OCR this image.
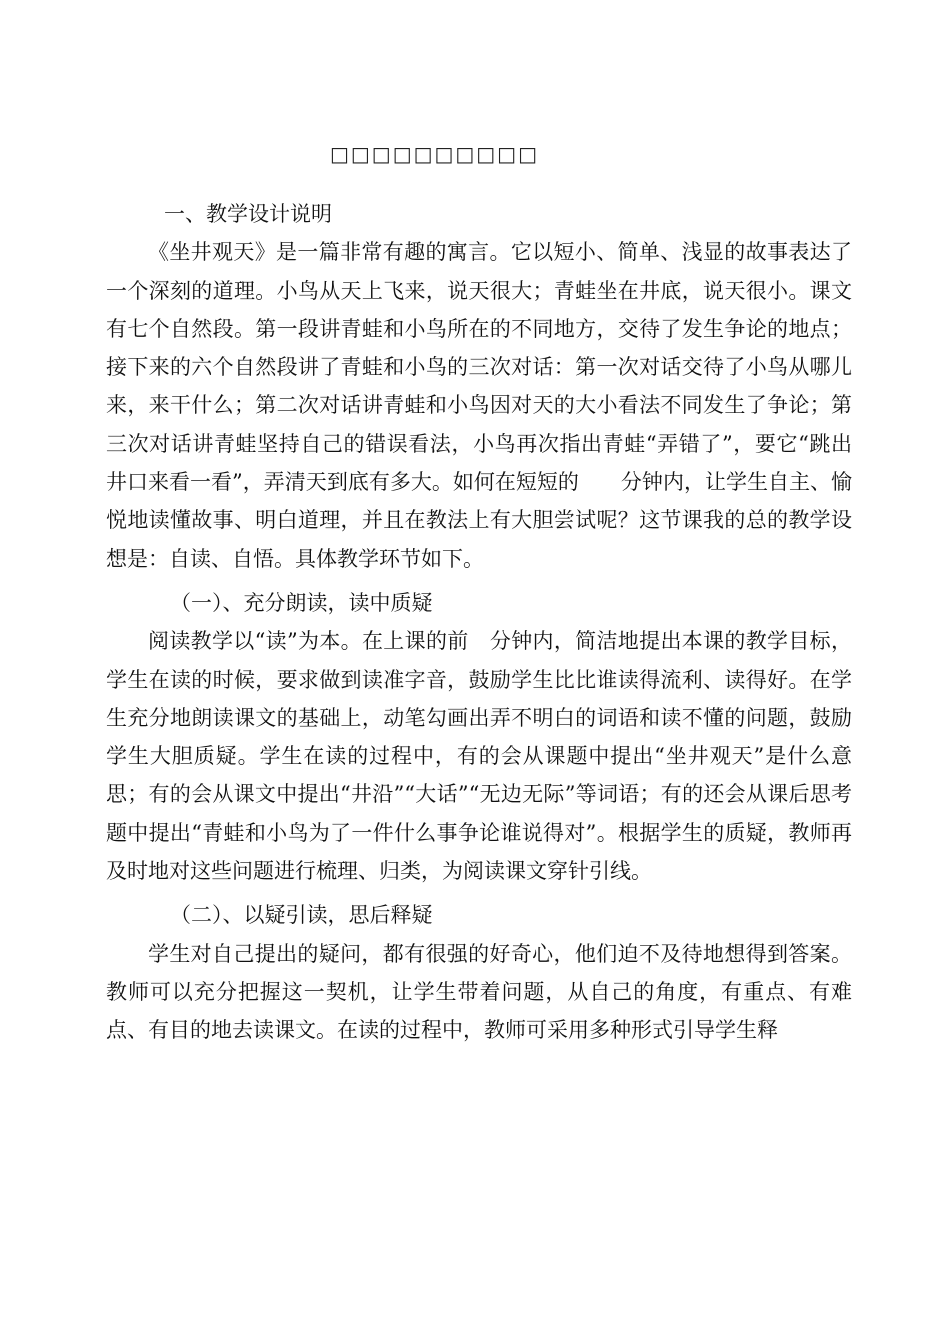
□□□□□□□□□□

一、教学设计说明

《坐井观天》是一篇非常有趣的寓言。它以短小、简单、浅显的故事表达了一个深刻的道理。小鸟从天上飞来，说天很大；青蛙坐在井底，说天很小。课文有七个自然段。第一段讲青蛙和小鸟所在的不同地方，交待了发生争论的地点；接下来的六个自然段讲了青蛙和小鸟的三次对话：第一次对话交待了小鸟从哪儿来，来干什么；第二次对话讲青蛙和小鸟因对天的大小看法不同发生了争论；第三次对话讲青蛙坚持自己的错误看法，小鸟再次指出青蛙“弄错了”，要它“跳出井口来看一看”，弄清天到底有多大。如何在短短的　　分钟内，让学生自主、愉悦地读懂故事、明白道理，并且在教法上有大胆尝试呢？这节课我的总的教学设想是：自读、自悟。具体教学环节如下。

（一）、充分朗读，读中质疑

阅读教学以“读”为本。在上课的前　分钟内，简洁地提出本课的教学目标，学生在读的时候，要求做到读准字音，鼓励学生比比谁读得流利、读得好。在学生充分地朗读课文的基础上，动笔勾画出弄不明白的词语和读不懂的问题，鼓励学生大胆质疑。学生在读的过程中，有的会从课题中提出“坐井观天”是什么意思；有的会从课文中提出“井沿”“大话”“无边无际”等词语；有的还会从课后思考题中提出“青蛙和小鸟为了一件什么事争论谁说得对”。根据学生的质疑，教师再及时地对这些问题进行梳理、归类，为阅读课文穿针引线。

（二）、以疑引读，思后释疑

学生对自己提出的疑问，都有很强的好奇心，他们迫不及待地想得到答案。教师可以充分把握这一契机，让学生带着问题，从自己的角度，有重点、有难点、有目的地去读课文。在读的过程中，教师可采用多种形式引导学生释
